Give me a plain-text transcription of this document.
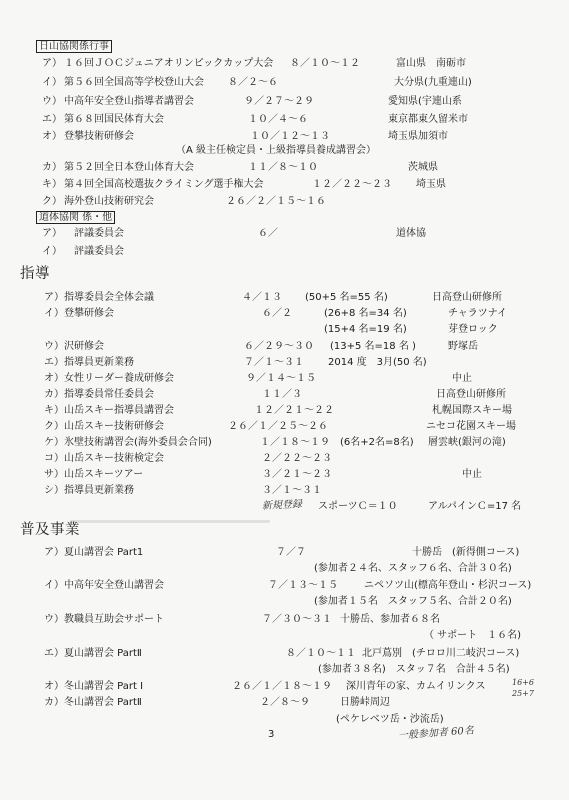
日山協関係行事
ア） １６回ＪＯＣジュニアオリンピックカップ大会 ８／１０～１２	富山県　南砺市
イ） 第５６回全国高等学校登山大会 ８／２～６	大分県(九重連山)
ウ） 中高年安全登山指導者講習会	９／２７～２９	愛知県(宇連山系
エ） 第６８回国民体育大会	１０／４～６	東京都東久留米市
オ） 登攀技術研修会	１０／１２～１３	埼玉県加須市
（A 級主任検定員・上級指導員養成講習会）
カ） 第５２回全日本登山体育大会	１１／８～１０	茨城県
キ） 第４回全国高校選抜クライミング選手権大会	１２／２２～２３ 埼玉県
ク） 海外登山技術研究会	２６／２／１５～１６
道体協関 係・他
ア） 評議委員会	６／	道体協
イ） 評議委員会
指導
ア） 指導委員会全体会議	４／１３ (50+5 名=55 名)	日高登山研修所
イ） 登攀研修会	６／２	(26+8 名=34 名)	チャラツナイ
(15+4 名=19 名)	芽登ロック
ウ） 沢研修会	６／２９～３０ (13+5 名=18 名 )	野塚岳
エ） 指導員更新業務	７／１～３１ 2014 度　3月(50 名)
オ） 女性リーダー養成研修会	９／１４～１５	中止
カ） 指導委員常任委員会	１１／３	日高登山研修所
キ） 山岳スキー指導員講習会	１２／２１～２２	札幌国際スキー場
ク） 山岳スキー技術研修会	２６／１／２５～２６	ニセコ花園スキー場
ケ） 氷壁技術講習会(海外委員会合同)	１／１８～１９ (6名+2名=8名) 層雲峡(銀河の滝)
コ） 山岳スキー技術検定会	２／２２～２３
サ） 山岳スキーツアー	３／２１～２３	中止
シ） 指導員更新業務	３／１～３１
新規登録 スポーツＣ＝１０	アルパインＣ=17 名
普及事業
ア） 夏山講習会 Part1	７／７	十勝岳　(新得側コース)
(参加者２４名、スタッフ６名、合計３０名)
イ） 中高年安全登山講習会	７／１３～１５	ニペソツ山(標高年登山・杉沢コース)
(参加者１５名　スタッフ５名、合計２０名)
ウ） 教職員互助会サポート	７／３０～３１ 十勝岳、参加者６８名
（ サポート　１６名)
エ） 夏山講習会 PartⅡ	８／１０～１１ 北戸蔦別　(チロロ川二岐沢コース)
(参加者３８名)　スタッ７名　合計４５名)
オ） 冬山講習会 Part Ⅰ	２６／１／１８～１９ 深川青年の家、カムイリンクス
カ） 冬山講習会 PartⅡ	２／８～９	日勝峠周辺
(ペケレベツ岳・沙流岳)
16+6
25+7
一般参加者 60名
3
